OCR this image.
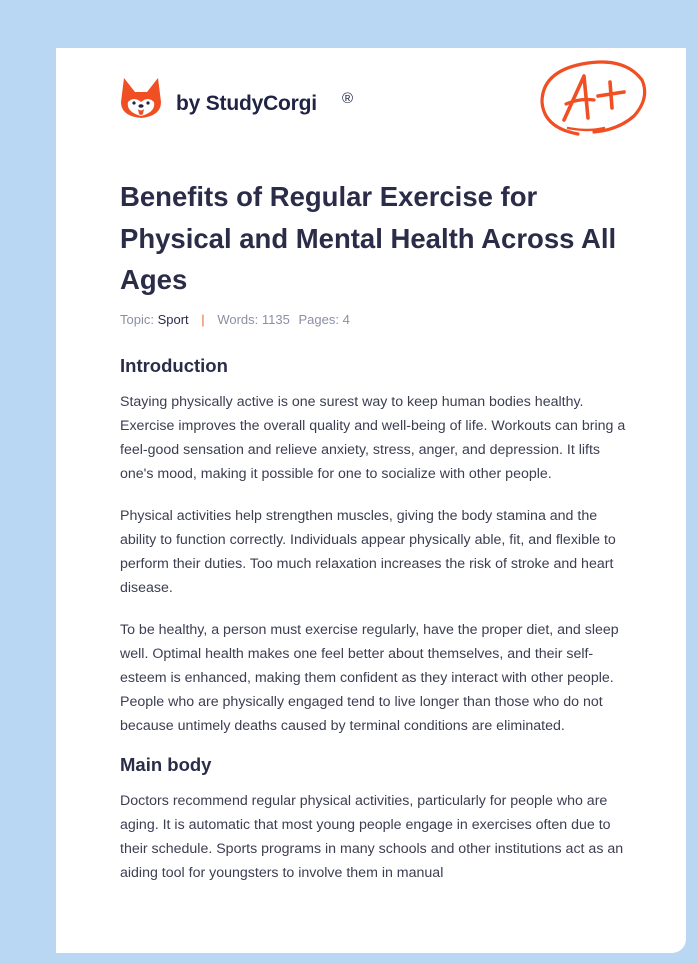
by StudyCorgi ®
Benefits of Regular Exercise for Physical and Mental Health Across All Ages
Topic: Sport | Words: 1135 Pages: 4
Introduction

Staying physically active is one surest way to keep human bodies healthy. Exercise improves the overall quality and well-being of life. Workouts can bring a feel-good sensation and relieve anxiety, stress, anger, and depression. It lifts one's mood, making it possible for one to socialize with other people.

Physical activities help strengthen muscles, giving the body stamina and the ability to function correctly. Individuals appear physically able, fit, and flexible to perform their duties. Too much relaxation increases the risk of stroke and heart disease.

To be healthy, a person must exercise regularly, have the proper diet, and sleep well. Optimal health makes one feel better about themselves, and their self-esteem is enhanced, making them confident as they interact with other people. People who are physically engaged tend to live longer than those who do not because untimely deaths caused by terminal conditions are eliminated.

Main body

Doctors recommend regular physical activities, particularly for people who are aging. It is automatic that most young people engage in exercises often due to their schedule. Sports programs in many schools and other institutions act as an aiding tool for youngsters to involve them in manual
